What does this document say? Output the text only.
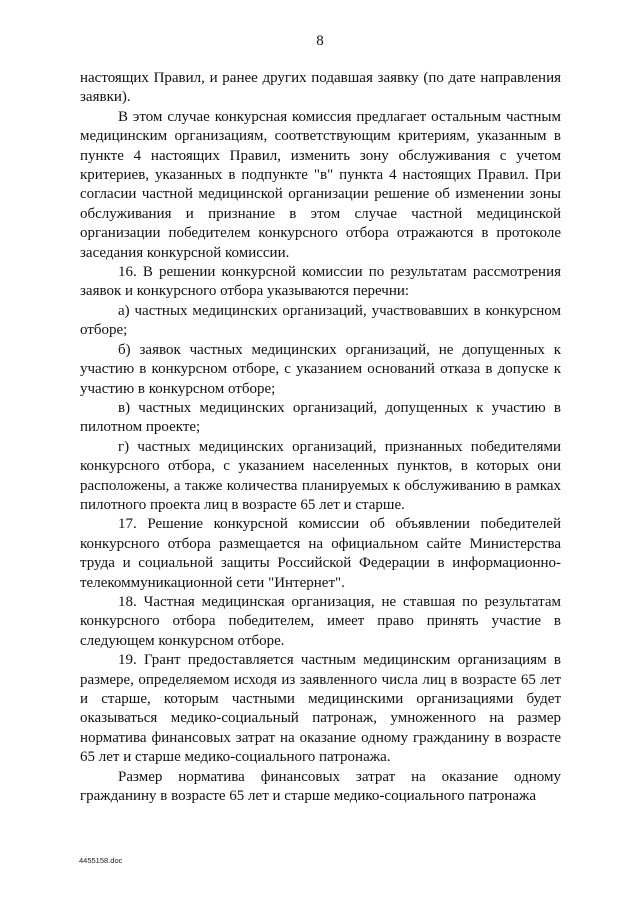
8

настоящих Правил, и ранее других подавшая заявку (по дате направления заявки).

В этом случае конкурсная комиссия предлагает остальным частным медицинским организациям, соответствующим критериям, указанным в пункте 4 настоящих Правил, изменить зону обслуживания с учетом критериев, указанных в подпункте "в" пункта 4 настоящих Правил. При согласии частной медицинской организации решение об изменении зоны обслуживания и признание в этом случае частной медицинской организации победителем конкурсного отбора отражаются в протоколе заседания конкурсной комиссии.

16. В решении конкурсной комиссии по результатам рассмотрения заявок и конкурсного отбора указываются перечни:

а) частных медицинских организаций, участвовавших в конкурсном отборе;

б) заявок частных медицинских организаций, не допущенных к участию в конкурсном отборе, с указанием оснований отказа в допуске к участию в конкурсном отборе;

в) частных медицинских организаций, допущенных к участию в пилотном проекте;

г) частных медицинских организаций, признанных победителями конкурсного отбора, с указанием населенных пунктов, в которых они расположены, а также количества планируемых к обслуживанию в рамках пилотного проекта лиц в возрасте 65 лет и старше.

17. Решение конкурсной комиссии об объявлении победителей конкурсного отбора размещается на официальном сайте Министерства труда и социальной защиты Российской Федерации в информационно-телекоммуникационной сети "Интернет".

18. Частная медицинская организация, не ставшая по результатам конкурсного отбора победителем, имеет право принять участие в следующем конкурсном отборе.

19. Грант предоставляется частным медицинским организациям в размере, определяемом исходя из заявленного числа лиц в возрасте 65 лет и старше, которым частными медицинскими организациями будет оказываться медико-социальный патронаж, умноженного на размер норматива финансовых затрат на оказание одному гражданину в возрасте 65 лет и старше медико-социального патронажа.

Размер норматива финансовых затрат на оказание одному гражданину в возрасте 65 лет и старше медико-социального патронажа

4455158.doc
